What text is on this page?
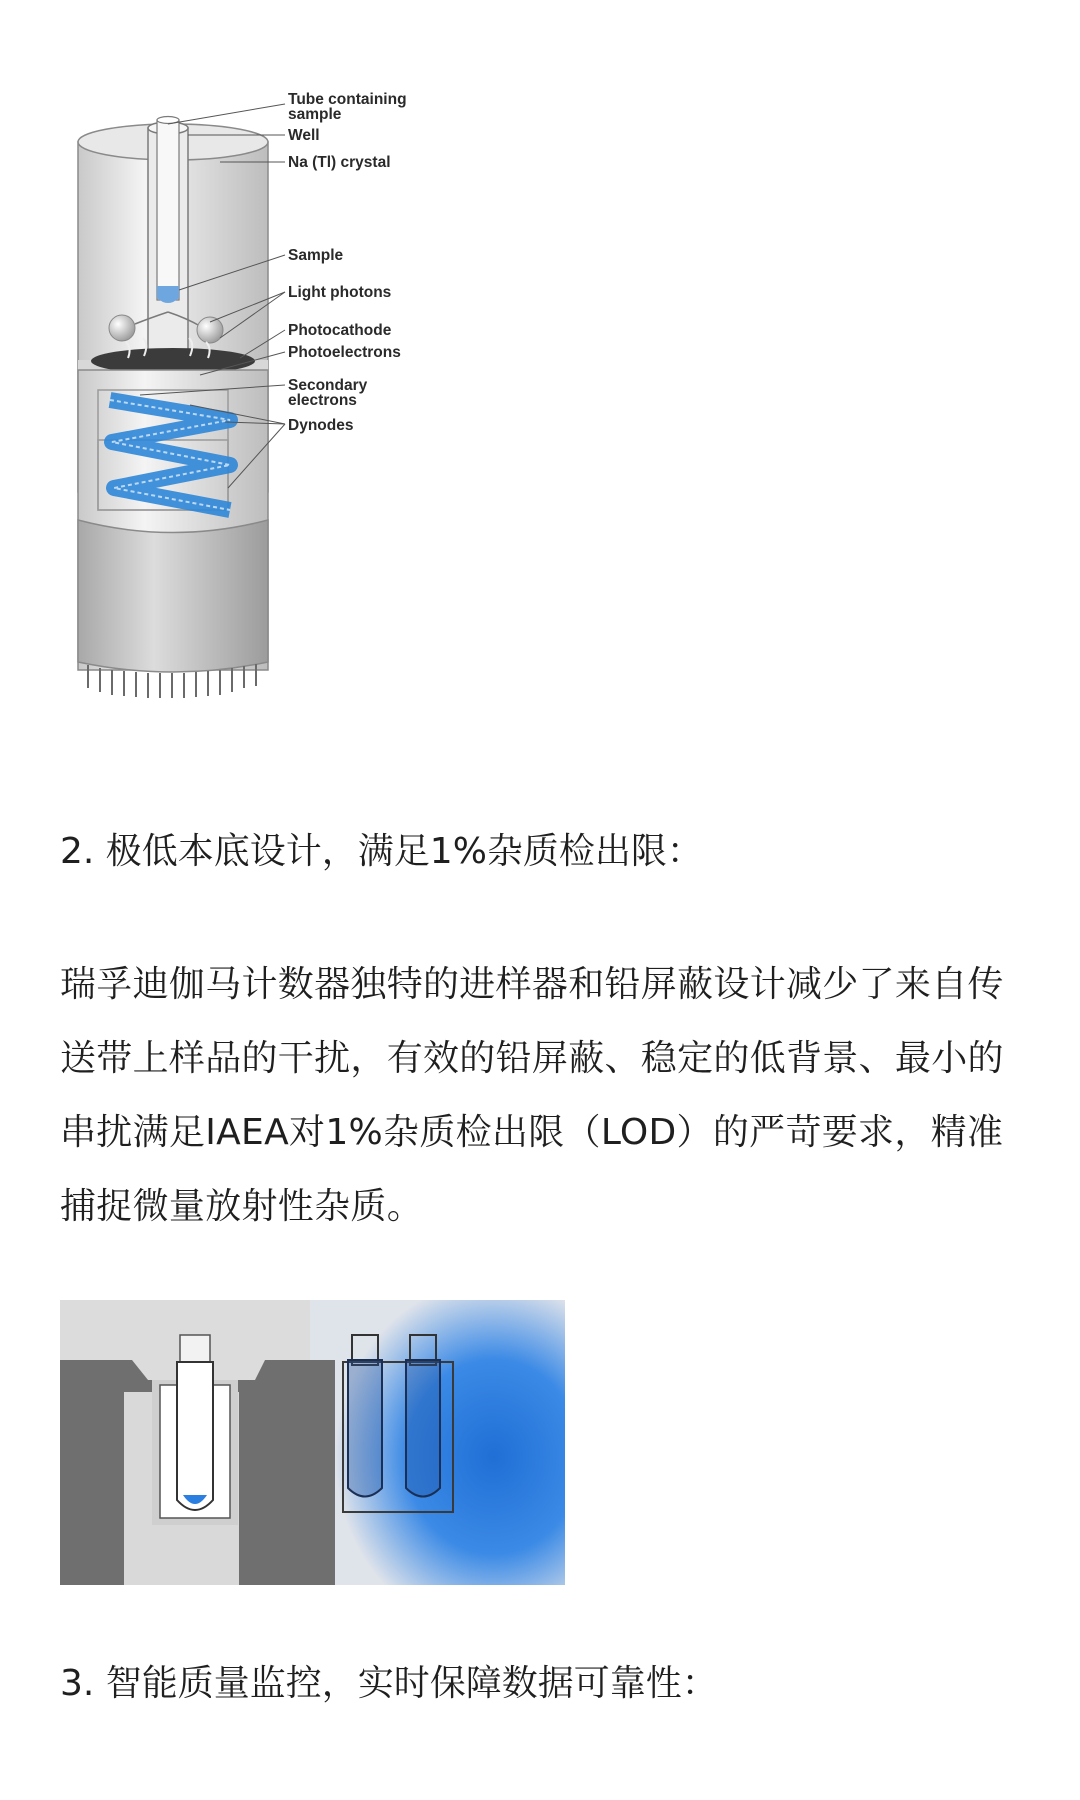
Tube containing
sample
Well
Na (Tl) crystal
Sample
Light photons
Photocathode
Photoelectrons
Secondary
electrons
Dynodes
2. 极低本底设计，满足1%杂质检出限：

瑞孚迪伽马计数器独特的进样器和铅屏蔽设计减少了来自传送带上样品的干扰，有效的铅屏蔽、稳定的低背景、最小的串扰满足IAEA对1%杂质检出限（LOD）的严苛要求，精准捕捉微量放射性杂质。

3. 智能质量监控，实时保障数据可靠性：
